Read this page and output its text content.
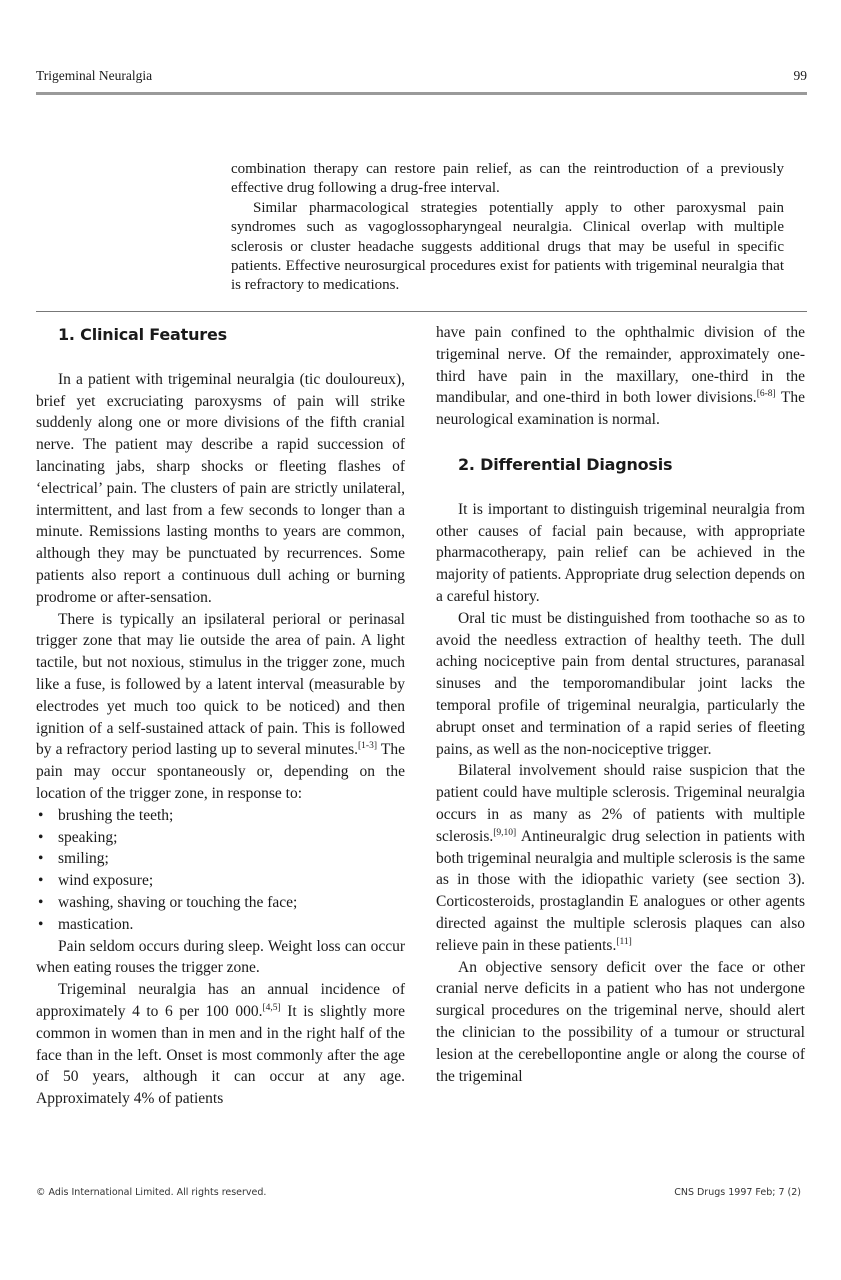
Trigeminal Neuralgia	99

combination therapy can restore pain relief, as can the reintroduction of a previously effective drug following a drug-free interval.

Similar pharmacological strategies potentially apply to other paroxysmal pain syndromes such as vagoglossopharyngeal neuralgia. Clinical overlap with multiple sclerosis or cluster headache suggests additional drugs that may be useful in specific patients. Effective neurosurgical procedures exist for patients with trigeminal neuralgia that is refractory to medications.

1. Clinical Features

In a patient with trigeminal neuralgia (tic douloureux), brief yet excruciating paroxysms of pain will strike suddenly along one or more divisions of the fifth cranial nerve. The patient may describe a rapid succession of lancinating jabs, sharp shocks or fleeting flashes of ‘electrical’ pain. The clusters of pain are strictly unilateral, intermittent, and last from a few seconds to longer than a minute. Remissions lasting months to years are common, although they may be punctuated by recurrences. Some patients also report a continuous dull aching or burning prodrome or after-sensation.

There is typically an ipsilateral perioral or perinasal trigger zone that may lie outside the area of pain. A light tactile, but not noxious, stimulus in the trigger zone, much like a fuse, is followed by a latent interval (measurable by electrodes yet much too quick to be noticed) and then ignition of a self-sustained attack of pain. This is followed by a refractory period lasting up to several minutes.[1-3] The pain may occur spontaneously or, depending on the location of the trigger zone, in response to:

• brushing the teeth;
• speaking;
• smiling;
• wind exposure;
• washing, shaving or touching the face;
• mastication.

Pain seldom occurs during sleep. Weight loss can occur when eating rouses the trigger zone.

Trigeminal neuralgia has an annual incidence of approximately 4 to 6 per 100 000.[4,5] It is slightly more common in women than in men and in the right half of the face than in the left. Onset is most commonly after the age of 50 years, although it can occur at any age. Approximately 4% of patients

have pain confined to the ophthalmic division of the trigeminal nerve. Of the remainder, approximately one-third have pain in the maxillary, one-third in the mandibular, and one-third in both lower divisions.[6-8] The neurological examination is normal.

2. Differential Diagnosis

It is important to distinguish trigeminal neuralgia from other causes of facial pain because, with appropriate pharmacotherapy, pain relief can be achieved in the majority of patients. Appropriate drug selection depends on a careful history.

Oral tic must be distinguished from toothache so as to avoid the needless extraction of healthy teeth. The dull aching nociceptive pain from dental structures, paranasal sinuses and the temporomandibular joint lacks the temporal profile of trigeminal neuralgia, particularly the abrupt onset and termination of a rapid series of fleeting pains, as well as the non-nociceptive trigger.

Bilateral involvement should raise suspicion that the patient could have multiple sclerosis. Trigeminal neuralgia occurs in as many as 2% of patients with multiple sclerosis.[9,10] Antineuralgic drug selection in patients with both trigeminal neuralgia and multiple sclerosis is the same as in those with the idiopathic variety (see section 3). Corticosteroids, prostaglandin E analogues or other agents directed against the multiple sclerosis plaques can also relieve pain in these patients.[11]

An objective sensory deficit over the face or other cranial nerve deficits in a patient who has not undergone surgical procedures on the trigeminal nerve, should alert the clinician to the possibility of a tumour or structural lesion at the cerebellopontine angle or along the course of the trigeminal

© Adis International Limited. All rights reserved.	CNS Drugs 1997 Feb; 7 (2)
